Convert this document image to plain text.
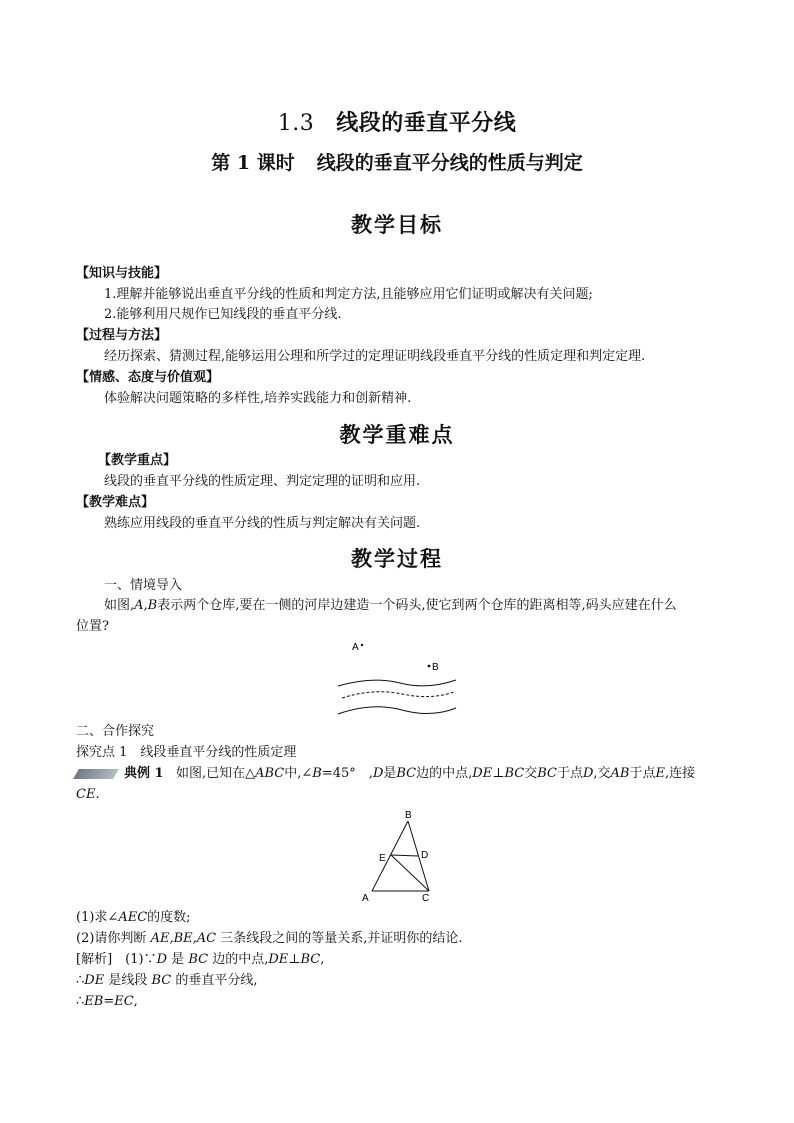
1.3 线段的垂直平分线
第 1 课时 线段的垂直平分线的性质与判定
教学目标
【知识与技能】
1.理解并能够说出垂直平分线的性质和判定方法,且能够应用它们证明或解决有关问题;
2.能够利用尺规作已知线段的垂直平分线.
【过程与方法】
经历探索、猜测过程,能够运用公理和所学过的定理证明线段垂直平分线的性质定理和判定定理.
【情感、态度与价值观】
体验解决问题策略的多样性,培养实践能力和创新精神.
教学重难点
【教学重点】
线段的垂直平分线的性质定理、判定定理的证明和应用.
【教学难点】
熟练应用线段的垂直平分线的性质与判定解决有关问题.
教学过程
一、情境导入
如图,A,B表示两个仓库,要在一侧的河岸边建造一个码头,使它到两个仓库的距离相等,码头应建在什么
位置?
A
B
二、合作探究
探究点 1　线段垂直平分线的性质定理
典例 1 如图,已知在△ABC中,∠B=45°　,D是BC边的中点,DE⊥BC交BC于点D,交AB于点E,连接
CE.
B
E	D
A	C
(1)求∠AEC的度数;
(2)请你判断 AE,BE,AC 三条线段之间的等量关系,并证明你的结论.
[解析]　(1)∵D 是 BC 边的中点,DE⊥BC,
∴DE 是线段 BC 的垂直平分线,
∴EB=EC,
